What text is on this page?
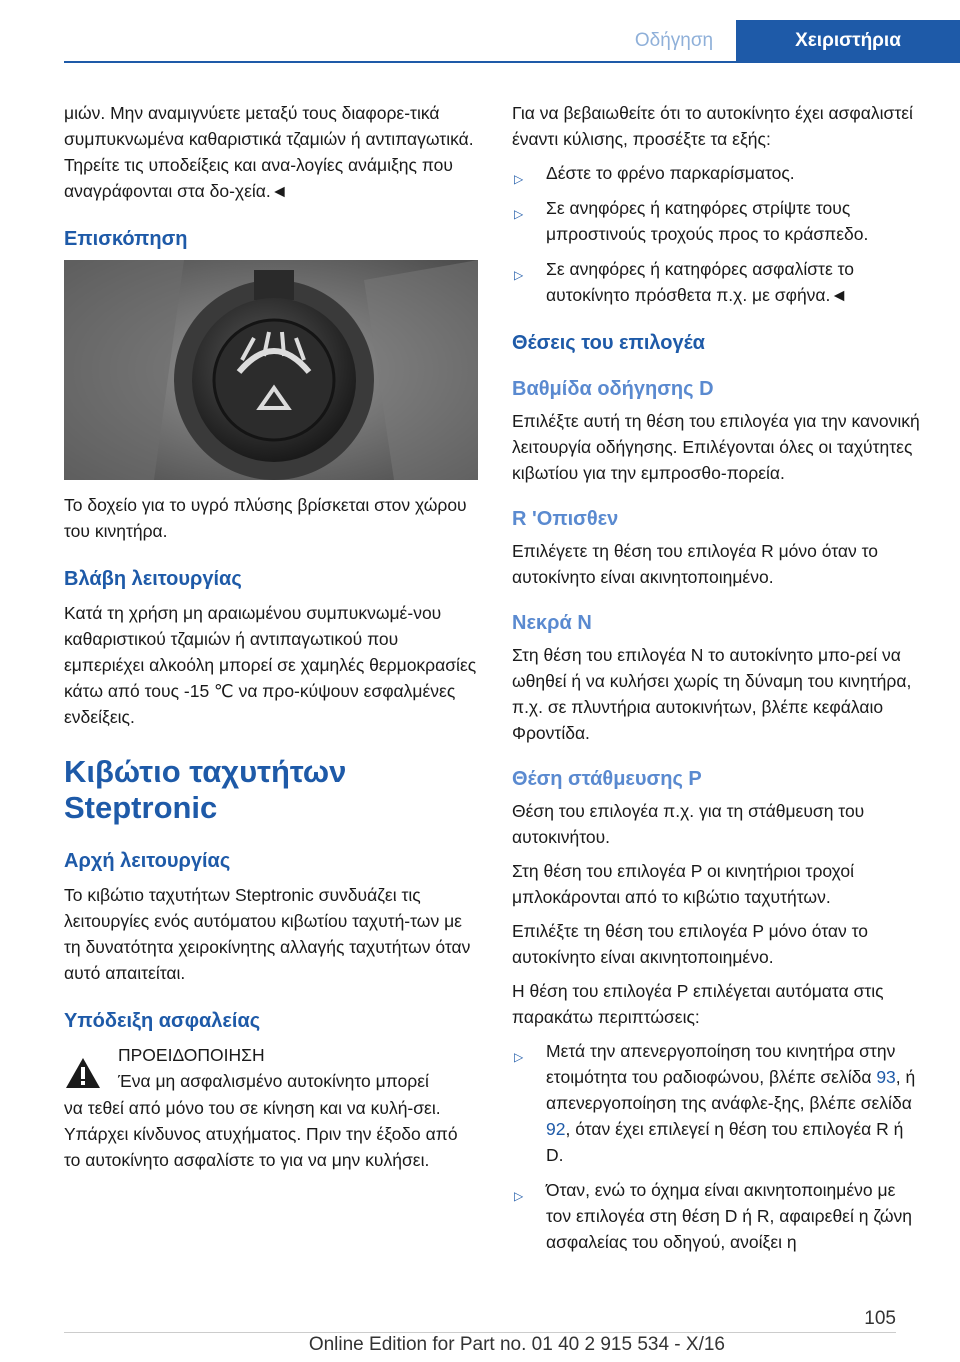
Οδήγηση	Χειριστήρια

μιών. Μην αναμιγνύετε μεταξύ τους διαφορε-τικά συμπυκνωμένα καθαριστικά τζαμιών ή αντιπαγωτικά. Τηρείτε τις υποδείξεις και ανα-λογίες ανάμιξης που αναγράφονται στα δο-χεία.◄

Επισκόπηση

Το δοχείο για το υγρό πλύσης βρίσκεται στον χώρου του κινητήρα.

Βλάβη λειτουργίας

Κατά τη χρήση μη αραιωμένου συμπυκνωμέ-νου καθαριστικού τζαμιών ή αντιπαγωτικού που εμπεριέχει αλκοόλη μπορεί σε χαμηλές θερμοκρασίες κάτω από τους -15 ℃ να προ-κύψουν εσφαλμένες ενδείξεις.

Κιβώτιο ταχυτήτων Steptronic
Αρχή λειτουργίας

Το κιβώτιο ταχυτήτων Steptronic συνδυάζει τις λειτουργίες ενός αυτόματου κιβωτίου ταχυτή-των με τη δυνατότητα χειροκίνητης αλλαγής ταχυτήτων όταν αυτό απαιτείται.

Υπόδειξη ασφαλείας

ΠΡΟΕΙΔΟΠΟΙΗΣΗ

Ένα μη ασφαλισμένο αυτοκίνητο μπορεί

να τεθεί από μόνο του σε κίνηση και να κυλή-σει. Υπάρχει κίνδυνος ατυχήματος. Πριν την έξοδο από το αυτοκίνητο ασφαλίστε το για να μην κυλήσει.

Για να βεβαιωθείτε ότι το αυτοκίνητο έχει ασφαλιστεί έναντι κύλισης, προσέξτε τα εξής:

▷ Δέστε το φρένο παρκαρίσματος.
▷ Σε ανηφόρες ή κατηφόρες στρίψτε τους μπροστινούς τροχούς προς το κράσπεδο.
▷ Σε ανηφόρες ή κατηφόρες ασφαλίστε το αυτοκίνητο πρόσθετα π.χ. με σφήνα.◄
Θέσεις του επιλογέα
Βαθμίδα οδήγησης D

Επιλέξτε αυτή τη θέση του επιλογέα για την κανονική λειτουργία οδήγησης. Επιλέγονται όλες οι ταχύτητες κιβωτίου για την εμπροσθο-πορεία.

R 'Οπισθεν

Επιλέγετε τη θέση του επιλογέα R μόνο όταν το αυτοκίνητο είναι ακινητοποιημένο.

Νεκρά N

Στη θέση του επιλογέα N το αυτοκίνητο μπο-ρεί να ωθηθεί ή να κυλήσει χωρίς τη δύναμη του κινητήρα, π.χ. σε πλυντήρια αυτοκινήτων, βλέπε κεφάλαιο Φροντίδα.

Θέση στάθμευσης P

Θέση του επιλογέα π.χ. για τη στάθμευση του αυτοκινήτου.

Στη θέση του επιλογέα P οι κινητήριοι τροχοί μπλοκάρονται από το κιβώτιο ταχυτήτων.

Επιλέξτε τη θέση του επιλογέα P μόνο όταν το αυτοκίνητο είναι ακινητοποιημένο.

Η θέση του επιλογέα P επιλέγεται αυτόματα στις παρακάτω περιπτώσεις:

▷ Μετά την απενεργοποίηση του κινητήρα στην ετοιμότητα του ραδιοφώνου, βλέπε σελίδα 93, ή απενεργοποίηση της ανάφλε-ξης, βλέπε σελίδα 92, όταν έχει επιλεγεί η θέση του επιλογέα R ή D.
▷ Όταν, ενώ το όχημα είναι ακινητοποιημένο με τον επιλογέα στη θέση D ή R, αφαιρεθεί η ζώνη ασφαλείας του οδηγού, ανοίξει η
105
Online Edition for Part no. 01 40 2 915 534 - X/16
